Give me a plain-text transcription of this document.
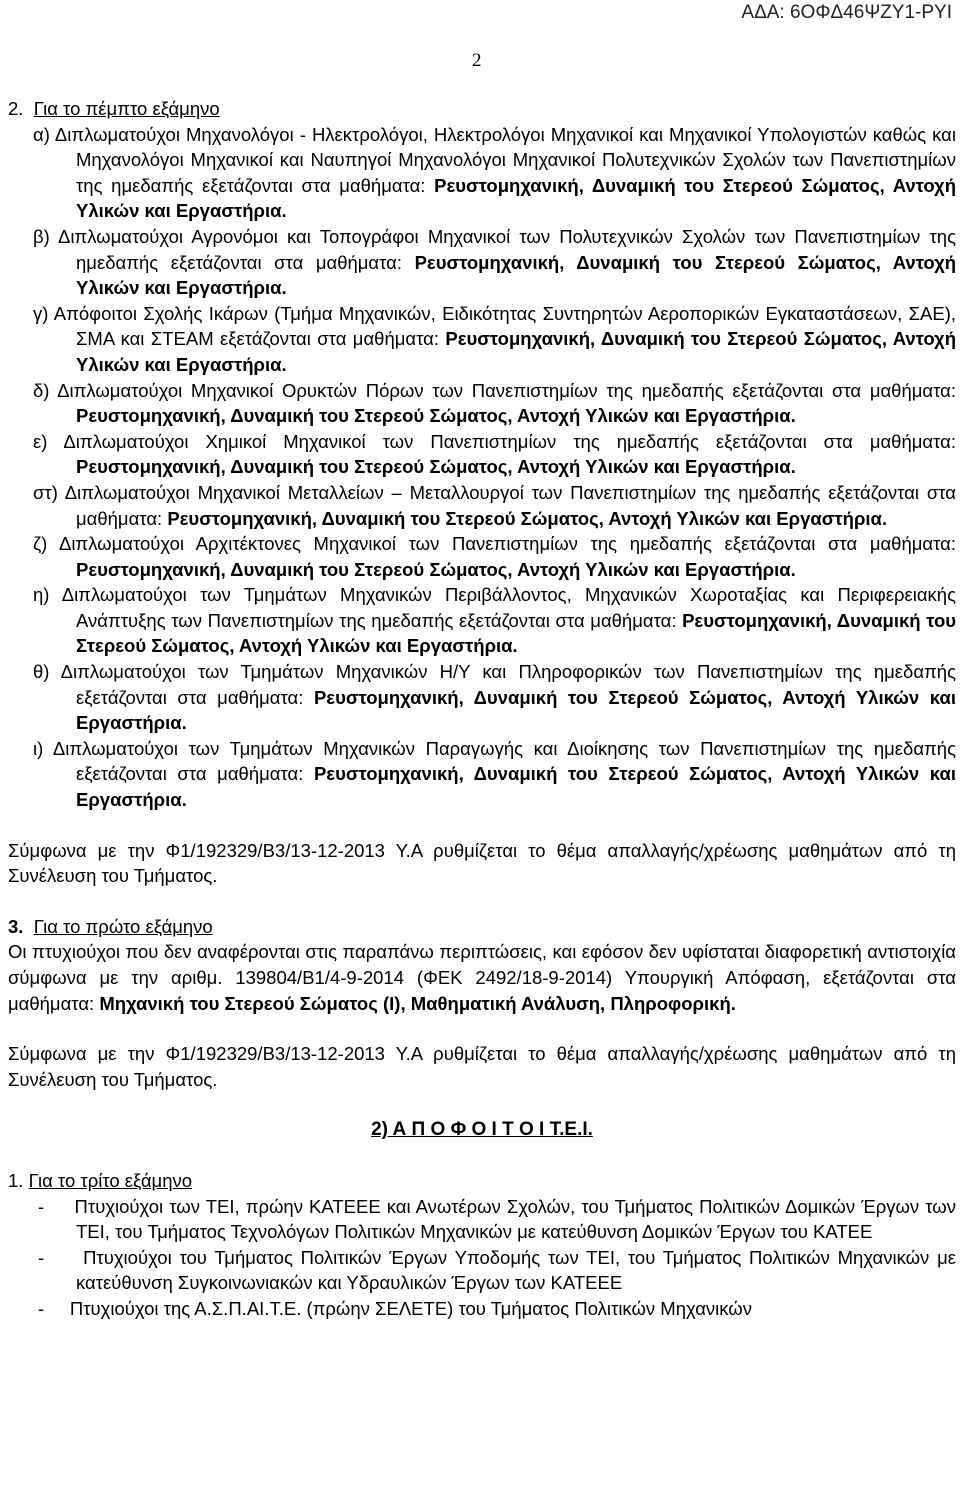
ΑΔΑ: 6ΟΦΔ46ΨΖΥ1-ΡΥΙ
2

2. Για το πέμπτο εξάμηνο

α) Διπλωματούχοι Μηχανολόγοι - Ηλεκτρολόγοι, Ηλεκτρολόγοι Μηχανικοί και Μηχανικοί Υπολογιστών καθώς και Μηχανολόγοι Μηχανικοί και Ναυπηγοί Μηχανολόγοι Μηχανικοί Πολυτεχνικών Σχολών των Πανεπιστημίων της ημεδαπής εξετάζονται στα μαθήματα: Ρευστομηχανική, Δυναμική του Στερεού Σώματος, Αντοχή Υλικών και Εργαστήρια.

β) Διπλωματούχοι Αγρονόμοι και Τοπογράφοι Μηχανικοί των Πολυτεχνικών Σχολών των Πανεπιστημίων της ημεδαπής εξετάζονται στα μαθήματα: Ρευστομηχανική, Δυναμική του Στερεού Σώματος, Αντοχή Υλικών και Εργαστήρια.

γ) Απόφοιτοι Σχολής Ικάρων (Τμήμα Μηχανικών, Ειδικότητας Συντηρητών Αεροπορικών Εγκαταστάσεων, ΣΑΕ), ΣΜΑ και ΣΤΕΑΜ εξετάζονται στα μαθήματα: Ρευστομηχανική, Δυναμική του Στερεού Σώματος, Αντοχή Υλικών και Εργαστήρια.

δ) Διπλωματούχοι Μηχανικοί Ορυκτών Πόρων των Πανεπιστημίων της ημεδαπής εξετάζονται στα μαθήματα: Ρευστομηχανική, Δυναμική του Στερεού Σώματος, Αντοχή Υλικών και Εργαστήρια.

ε) Διπλωματούχοι Χημικοί Μηχανικοί των Πανεπιστημίων της ημεδαπής εξετάζονται στα μαθήματα: Ρευστομηχανική, Δυναμική του Στερεού Σώματος, Αντοχή Υλικών και Εργαστήρια.

στ) Διπλωματούχοι Μηχανικοί Μεταλλείων – Μεταλλουργοί των Πανεπιστημίων της ημεδαπής εξετάζονται στα μαθήματα: Ρευστομηχανική, Δυναμική του Στερεού Σώματος, Αντοχή Υλικών και Εργαστήρια.

ζ) Διπλωματούχοι Αρχιτέκτονες Μηχανικοί των Πανεπιστημίων της ημεδαπής εξετάζονται στα μαθήματα: Ρευστομηχανική, Δυναμική του Στερεού Σώματος, Αντοχή Υλικών και Εργαστήρια.

η) Διπλωματούχοι των Τμημάτων Μηχανικών Περιβάλλοντος, Μηχανικών Χωροταξίας και Περιφερειακής Ανάπτυξης των Πανεπιστημίων της ημεδαπής εξετάζονται στα μαθήματα: Ρευστομηχανική, Δυναμική του Στερεού Σώματος, Αντοχή Υλικών και Εργαστήρια.

θ) Διπλωματούχοι των Τμημάτων Μηχανικών Η/Υ και Πληροφορικών των Πανεπιστημίων της ημεδαπής εξετάζονται στα μαθήματα: Ρευστομηχανική, Δυναμική του Στερεού Σώματος, Αντοχή Υλικών και Εργαστήρια.

ι) Διπλωματούχοι των Τμημάτων Μηχανικών Παραγωγής και Διοίκησης των Πανεπιστημίων της ημεδαπής εξετάζονται στα μαθήματα: Ρευστομηχανική, Δυναμική του Στερεού Σώματος, Αντοχή Υλικών και Εργαστήρια.

Σύμφωνα με την Φ1/192329/Β3/13-12-2013 Υ.Α ρυθμίζεται το θέμα απαλλαγής/χρέωσης μαθημάτων από τη Συνέλευση του Τμήματος.

3. Για το πρώτο εξάμηνο

Οι πτυχιούχοι που δεν αναφέρονται στις παραπάνω περιπτώσεις, και εφόσον δεν υφίσταται διαφορετική αντιστοιχία σύμφωνα με την αριθμ. 139804/Β1/4-9-2014 (ΦΕΚ 2492/18-9-2014) Υπουργική Απόφαση, εξετάζονται στα μαθήματα: Μηχανική του Στερεού Σώματος (Ι), Μαθηματική Ανάλυση, Πληροφορική.

Σύμφωνα με την Φ1/192329/Β3/13-12-2013 Υ.Α ρυθμίζεται το θέμα απαλλαγής/χρέωσης μαθημάτων από τη Συνέλευση του Τμήματος.

2) Α Π Ο Φ Ο Ι Τ Ο Ι Τ.Ε.Ι.

1. Για το τρίτο εξάμηνο

-     Πτυχιούχοι των ΤΕΙ, πρώην ΚΑΤΕΕΕ και Ανωτέρων Σχολών, του Τμήματος Πολιτικών Δομικών Έργων των ΤΕΙ, του Τμήματος Τεχνολόγων Πολιτικών Μηχανικών με κατεύθυνση Δομικών Έργων του ΚΑΤΕΕ

-     Πτυχιούχοι του Τμήματος Πολιτικών Έργων Υποδομής των ΤΕΙ, του Τμήματος Πολιτικών Μηχανικών με κατεύθυνση Συγκοινωνιακών και Υδραυλικών Έργων των ΚΑΤΕΕΕ

-     Πτυχιούχοι της Α.Σ.Π.ΑΙ.Τ.Ε. (πρώην ΣΕΛΕΤΕ) του Τμήματος Πολιτικών Μηχανικών
